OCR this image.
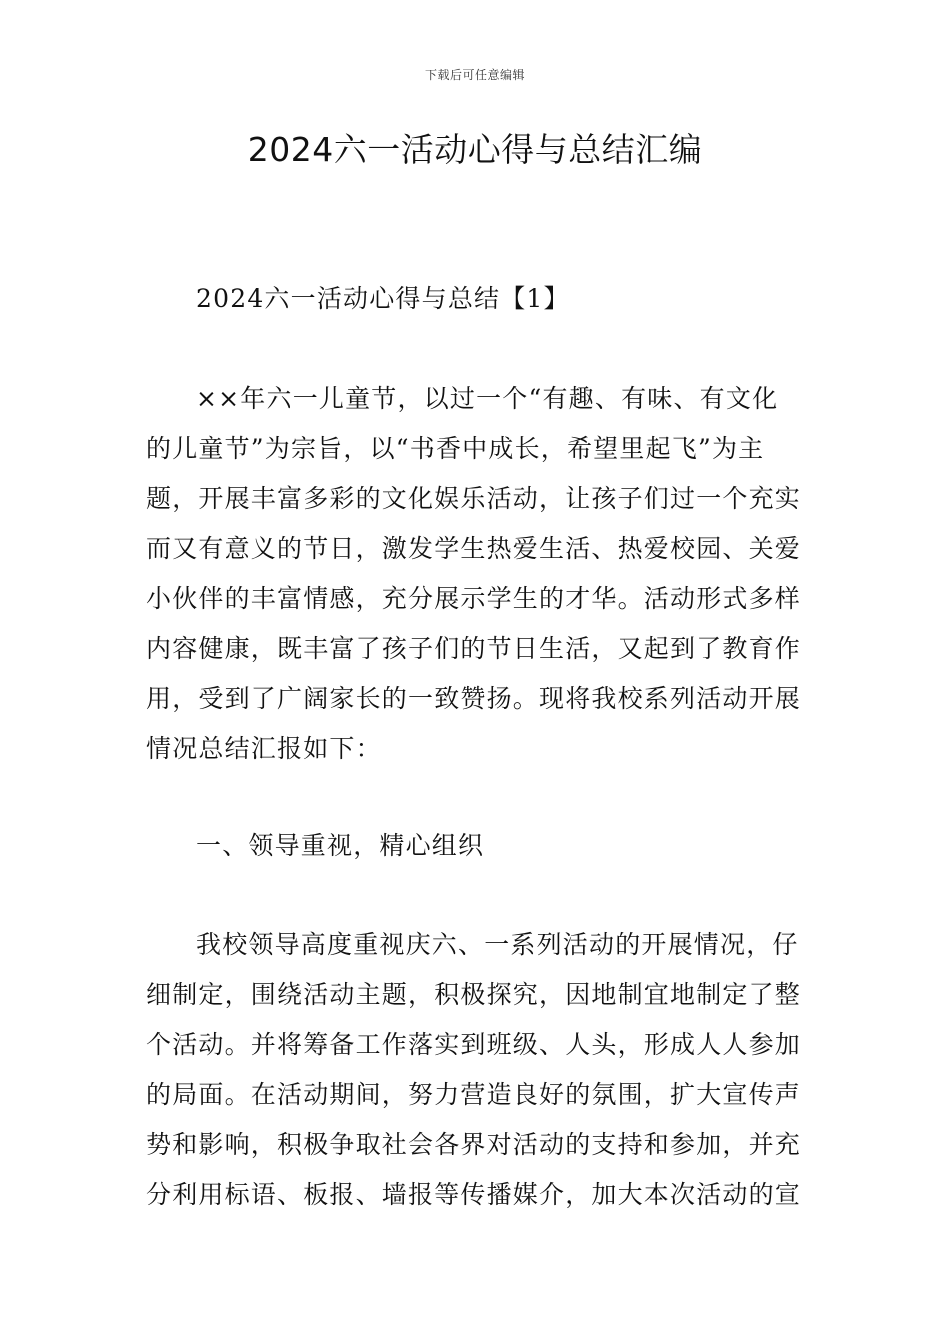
下载后可任意编辑
2024六一活动心得与总结汇编
2024六一活动心得与总结【1】
××年六一儿童节，以过一个“有趣、有味、有文化
的儿童节”为宗旨，以“书香中成长，希望里起飞”为主
题，开展丰富多彩的文化娱乐活动，让孩子们过一个充实
而又有意义的节日，激发学生热爱生活、热爱校园、关爱
小伙伴的丰富情感，充分展示学生的才华。活动形式多样
内容健康，既丰富了孩子们的节日生活，又起到了教育作
用，受到了广阔家长的一致赞扬。现将我校系列活动开展
情况总结汇报如下：
一、领导重视，精心组织
我校领导高度重视庆六、一系列活动的开展情况，仔
细制定，围绕活动主题，积极探究，因地制宜地制定了整
个活动。并将筹备工作落实到班级、人头，形成人人参加
的局面。在活动期间，努力营造良好的氛围，扩大宣传声
势和影响，积极争取社会各界对活动的支持和参加，并充
分利用标语、板报、墙报等传播媒介，加大本次活动的宣
